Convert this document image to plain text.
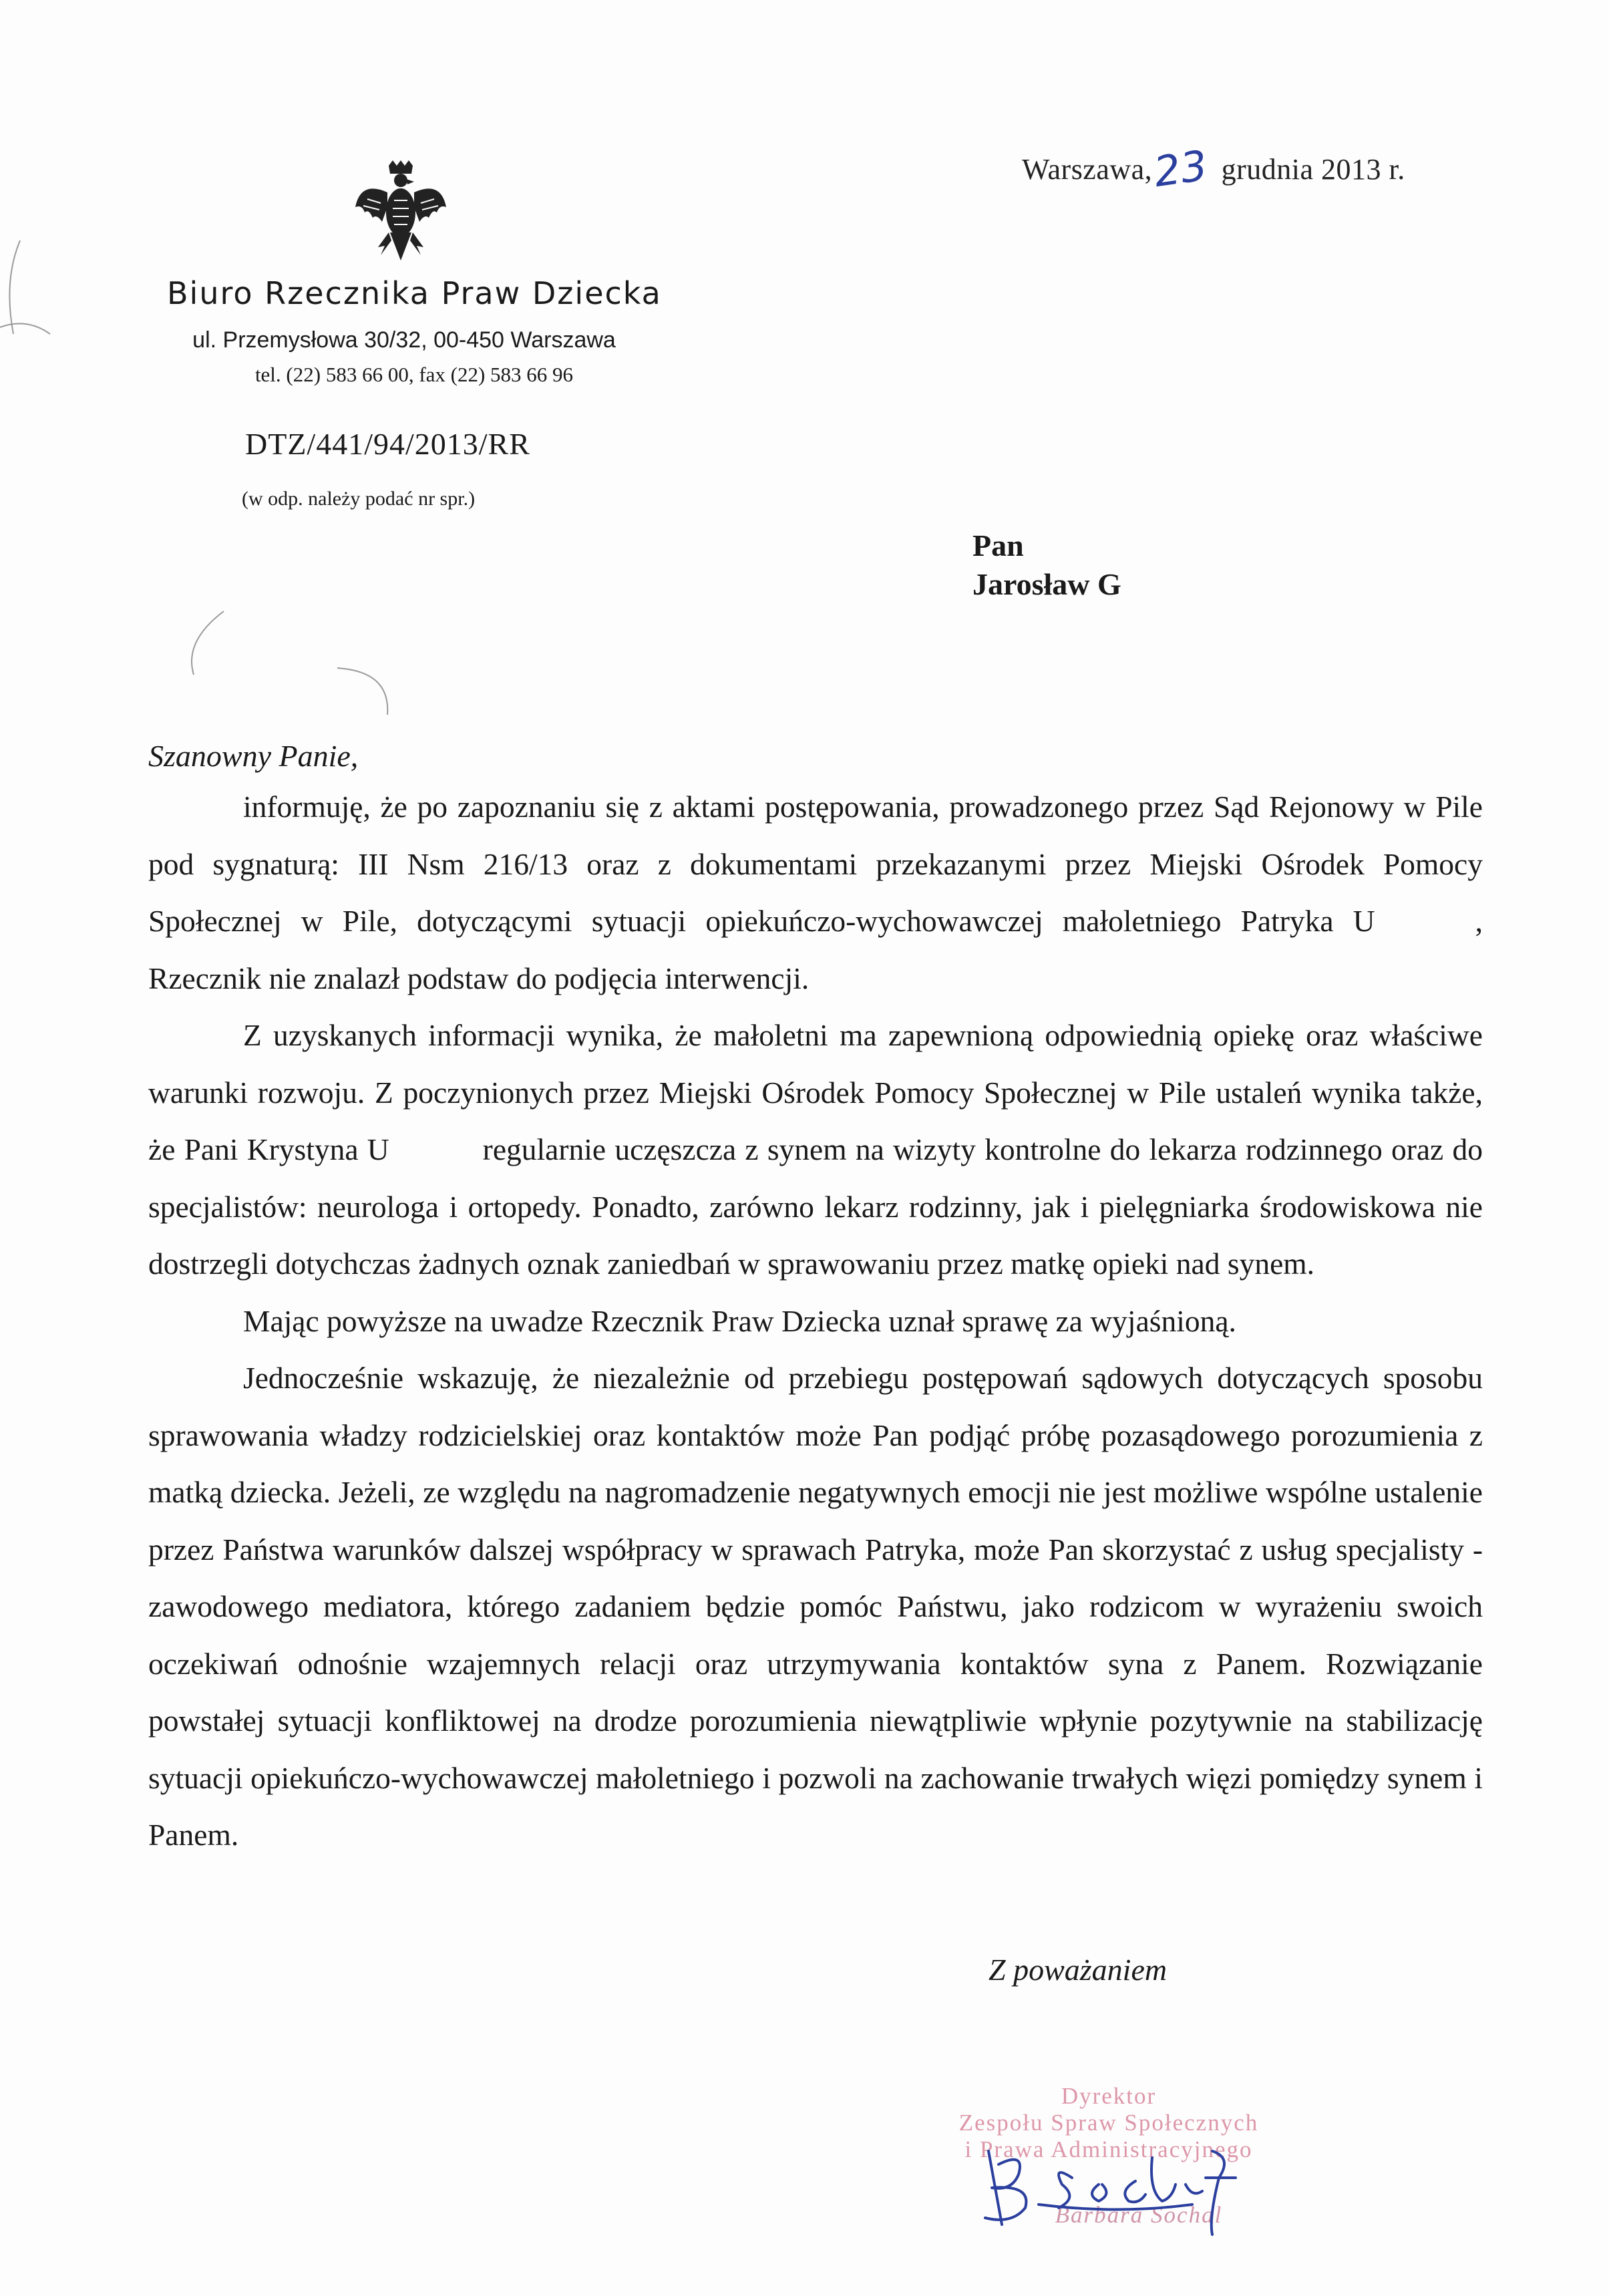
Warszawa,23 grudnia 2013 r.
Biuro Rzecznika Praw Dziecka
ul. Przemysłowa 30/32, 00-450 Warszawa
tel. (22) 583 66 00, fax (22) 583 66 96
DTZ/441/94/2013/RR
(w odp. należy podać nr spr.)
Pan
Jarosław G
Szanowny Panie,

informuję, że po zapoznaniu się z aktami postępowania, prowadzonego przez Sąd Rejonowy w Pile pod sygnaturą: III Nsm 216/13 oraz z dokumentami przekazanymi przez Miejski Ośrodek Pomocy Społecznej w Pile, dotyczącymi sytuacji opiekuńczo-wychowawczej małoletniego Patryka U	, Rzecznik nie znalazł podstaw do podjęcia interwencji.

Z uzyskanych informacji wynika, że małoletni ma zapewnioną odpowiednią opiekę oraz właściwe warunki rozwoju. Z poczynionych przez Miejski Ośrodek Pomocy Społecznej w Pile ustaleń wynika także, że Pani Krystyna U	regularnie uczęszcza z synem na wizyty kontrolne do lekarza rodzinnego oraz do specjalistów: neurologa i ortopedy. Ponadto, zarówno lekarz rodzinny, jak i pielęgniarka środowiskowa nie dostrzegli dotychczas żadnych oznak zaniedbań w sprawowaniu przez matkę opieki nad synem.

Mając powyższe na uwadze Rzecznik Praw Dziecka uznał sprawę za wyjaśnioną.

Jednocześnie wskazuję, że niezależnie od przebiegu postępowań sądowych dotyczących sposobu sprawowania władzy rodzicielskiej oraz kontaktów może Pan podjąć próbę pozasądowego porozumienia z matką dziecka. Jeżeli, ze względu na nagromadzenie negatywnych emocji nie jest możliwe wspólne ustalenie przez Państwa warunków dalszej współpracy w sprawach Patryka, może Pan skorzystać z usług specjalisty - zawodowego mediatora, którego zadaniem będzie pomóc Państwu, jako rodzicom w wyrażeniu swoich oczekiwań odnośnie wzajemnych relacji oraz utrzymywania kontaktów syna z Panem. Rozwiązanie powstałej sytuacji konfliktowej na drodze porozumienia niewątpliwie wpłynie pozytywnie na stabilizację sytuacji opiekuńczo-wychowawczej małoletniego i pozwoli na zachowanie trwałych więzi pomiędzy synem i Panem.

Z poważaniem
Dyrektor
Zespołu Spraw Społecznych
i Prawa Administracyjnego
Barbara Sochal
